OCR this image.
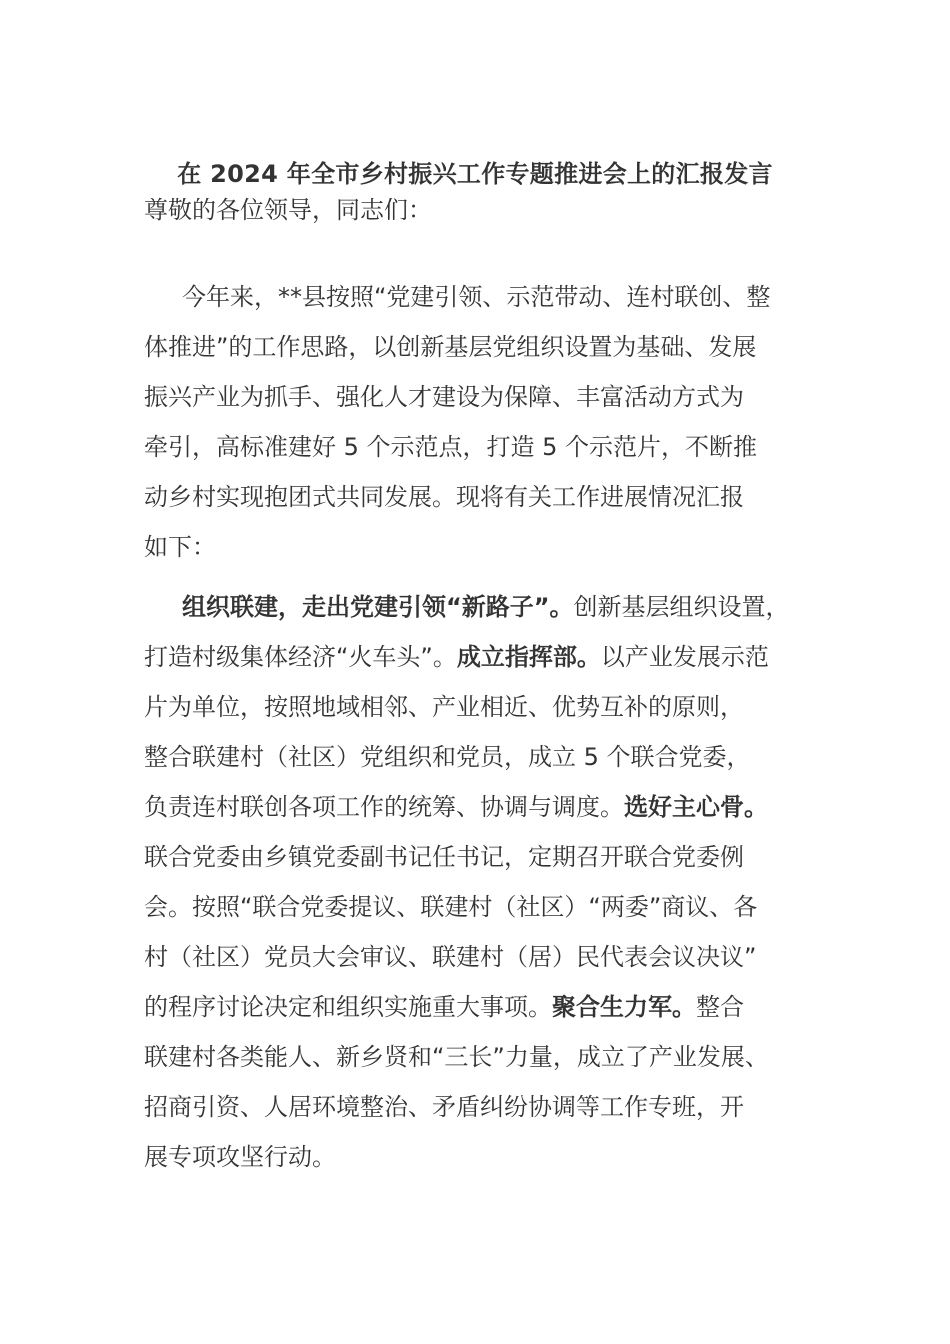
在 2024 年全市乡村振兴工作专题推进会上的汇报发言
尊敬的各位领导，同志们：
今年来，**县按照“党建引领、示范带动、连村联创、整
体推进”的工作思路，以创新基层党组织设置为基础、发展
振兴产业为抓手、强化人才建设为保障、丰富活动方式为
牵引，高标准建好 5 个示范点，打造 5 个示范片，不断推
动乡村实现抱团式共同发展。现将有关工作进展情况汇报
如下：
组织联建，走出党建引领“新路子”。创新基层组织设置，
打造村级集体经济“火车头”。成立指挥部。以产业发展示范
片为单位，按照地域相邻、产业相近、优势互补的原则，
整合联建村（社区）党组织和党员，成立 5 个联合党委，
负责连村联创各项工作的统筹、协调与调度。选好主心骨。
联合党委由乡镇党委副书记任书记，定期召开联合党委例
会。按照“联合党委提议、联建村（社区）“两委”商议、各
村（社区）党员大会审议、联建村（居）民代表会议决议”
的程序讨论决定和组织实施重大事项。聚合生力军。整合
联建村各类能人、新乡贤和“三长”力量，成立了产业发展、
招商引资、人居环境整治、矛盾纠纷协调等工作专班，开
展专项攻坚行动。
